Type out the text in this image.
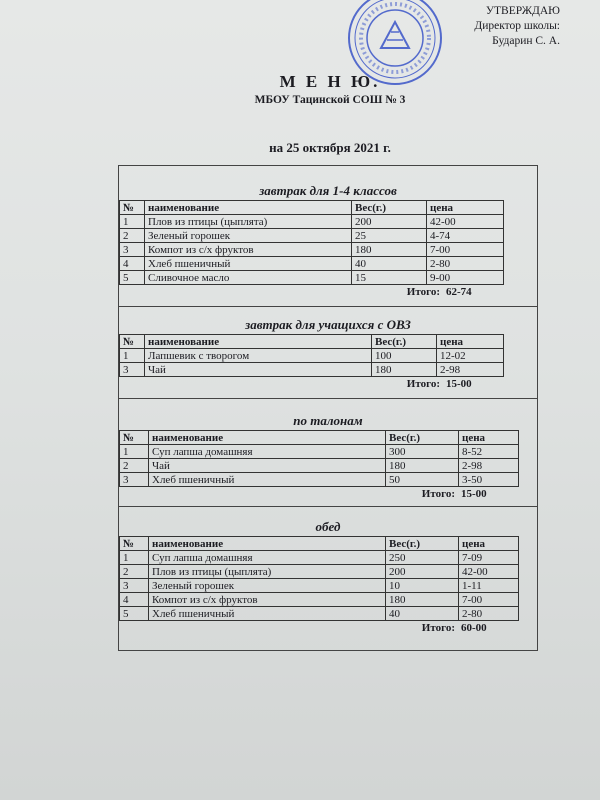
УТВЕРЖДАЮ
Директор школы:
Бударин С. А.
М Е Н Ю.
МБОУ Тацинской СОШ № 3
на 25 октября 2021 г.
завтрак для 1-4 классов
№	наименование	Вес(г.)	цена
1	Плов из птицы (цыплята)	200	42-00
2	Зеленый горошек	25	4-74
3	Компот из с/х фруктов	180	7-00
4	Хлеб пшеничный	40	2-80
5	Сливочное масло	15	9-00
Итого: 62-74
завтрак для учащихся с ОВЗ
№	наименование	Вес(г.)	цена
1	Лапшевик с творогом	100	12-02
3	Чай	180	2-98
Итого: 15-00
по талонам
№	наименование	Вес(г.)	цена
1	Суп лапша домашняя	300	8-52
2	Чай	180	2-98
3	Хлеб пшеничный	50	3-50
Итого: 15-00
обед
№	наименование	Вес(г.)	цена
1	Суп лапша домашняя	250	7-09
2	Плов из птицы (цыплята)	200	42-00
3	Зеленый горошек	10	1-11
4	Компот из с/х фруктов	180	7-00
5	Хлеб пшеничный	40	2-80
Итого: 60-00
